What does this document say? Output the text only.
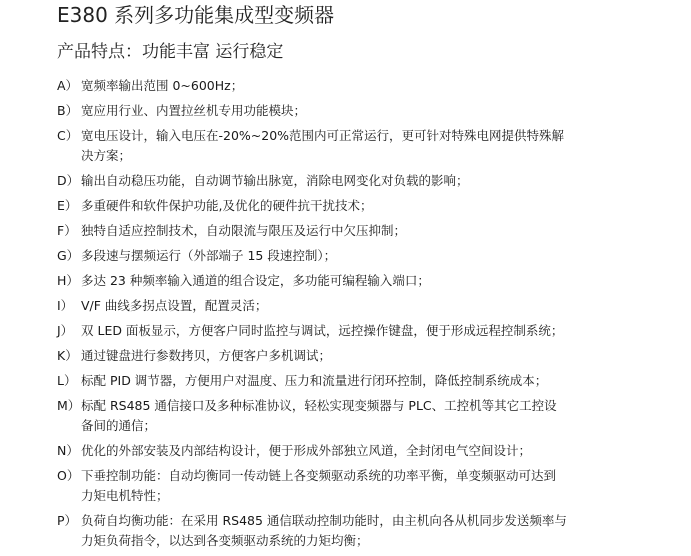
E380 系列多功能集成型变频器
产品特点：功能丰富 运行稳定
A） 宽频率输出范围 0~600Hz；
B） 宽应用行业、内置拉丝机专用功能模块；
C） 宽电压设计，输入电压在-20%~20%范围内可正常运行，更可针对特殊电网提供特殊解
决方案；
D） 输出自动稳压功能，自动调节输出脉宽，消除电网变化对负载的影响；
E） 多重硬件和软件保护功能,及优化的硬件抗干扰技术；
F） 独特自适应控制技术，自动限流与限压及运行中欠压抑制；
G） 多段速与摆频运行（外部端子 15 段速控制）；
H） 多达 23 种频率输入通道的组合设定，多功能可编程输入端口；
I） V/F 曲线多拐点设置，配置灵活；
J） 双 LED 面板显示，方便客户同时监控与调试，远控操作键盘，便于形成远程控制系统；
K） 通过键盘进行参数拷贝，方便客户多机调试；
L） 标配 PID 调节器，方便用户对温度、压力和流量进行闭环控制，降低控制系统成本；
M） 标配 RS485 通信接口及多种标准协议，轻松实现变频器与 PLC、工控机等其它工控设
备间的通信；
N） 优化的外部安装及内部结构设计，便于形成外部独立风道，全封闭电气空间设计；
O） 下垂控制功能：自动均衡同一传动链上各变频驱动系统的功率平衡，单变频驱动可达到
力矩电机特性；
P） 负荷自均衡功能：在采用 RS485 通信联动控制功能时，由主机向各从机同步发送频率与
力矩负荷指令，以达到各变频驱动系统的力矩均衡；
